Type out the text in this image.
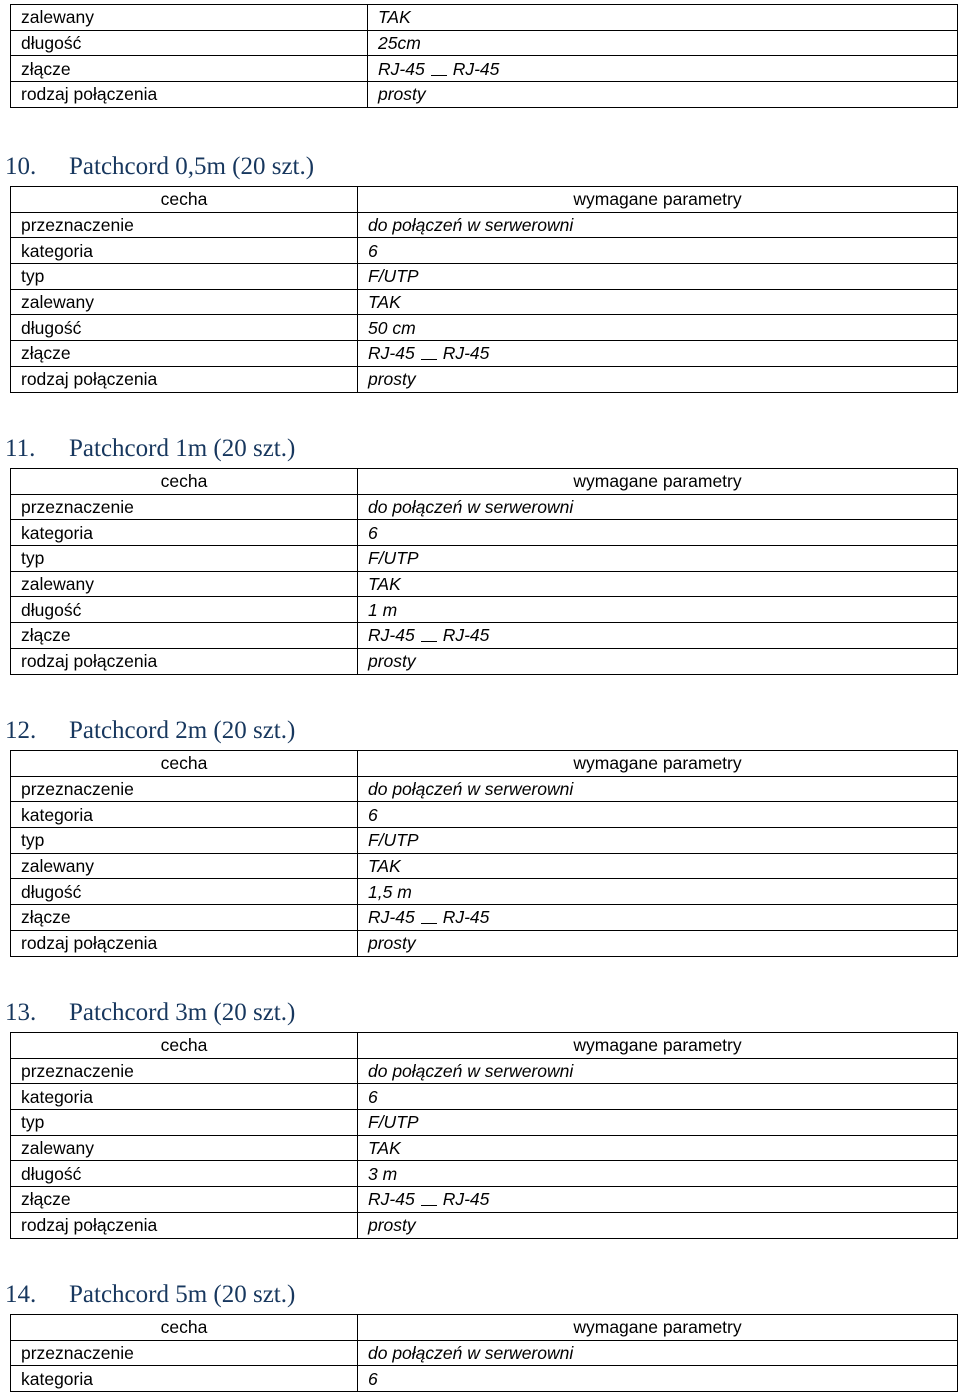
zalewany	TAK
długość	25cm
złącze	RJ-45 RJ-45
rodzaj połączenia	prosty
10. Patchcord 0,5m (20 szt.)
cecha	wymagane parametry
przeznaczenie	do połączeń w serwerowni
kategoria	6
typ	F/UTP
zalewany	TAK
długość	50 cm
złącze	RJ-45 RJ-45
rodzaj połączenia	prosty
11. Patchcord 1m (20 szt.)
cecha	wymagane parametry
przeznaczenie	do połączeń w serwerowni
kategoria	6
typ	F/UTP
zalewany	TAK
długość	1 m
złącze	RJ-45 RJ-45
rodzaj połączenia	prosty
12. Patchcord 2m (20 szt.)
cecha	wymagane parametry
przeznaczenie	do połączeń w serwerowni
kategoria	6
typ	F/UTP
zalewany	TAK
długość	1,5 m
złącze	RJ-45 RJ-45
rodzaj połączenia	prosty
13. Patchcord 3m (20 szt.)
cecha	wymagane parametry
przeznaczenie	do połączeń w serwerowni
kategoria	6
typ	F/UTP
zalewany	TAK
długość	3 m
złącze	RJ-45 RJ-45
rodzaj połączenia	prosty
14. Patchcord 5m (20 szt.)
cecha	wymagane parametry
przeznaczenie	do połączeń w serwerowni
kategoria	6
